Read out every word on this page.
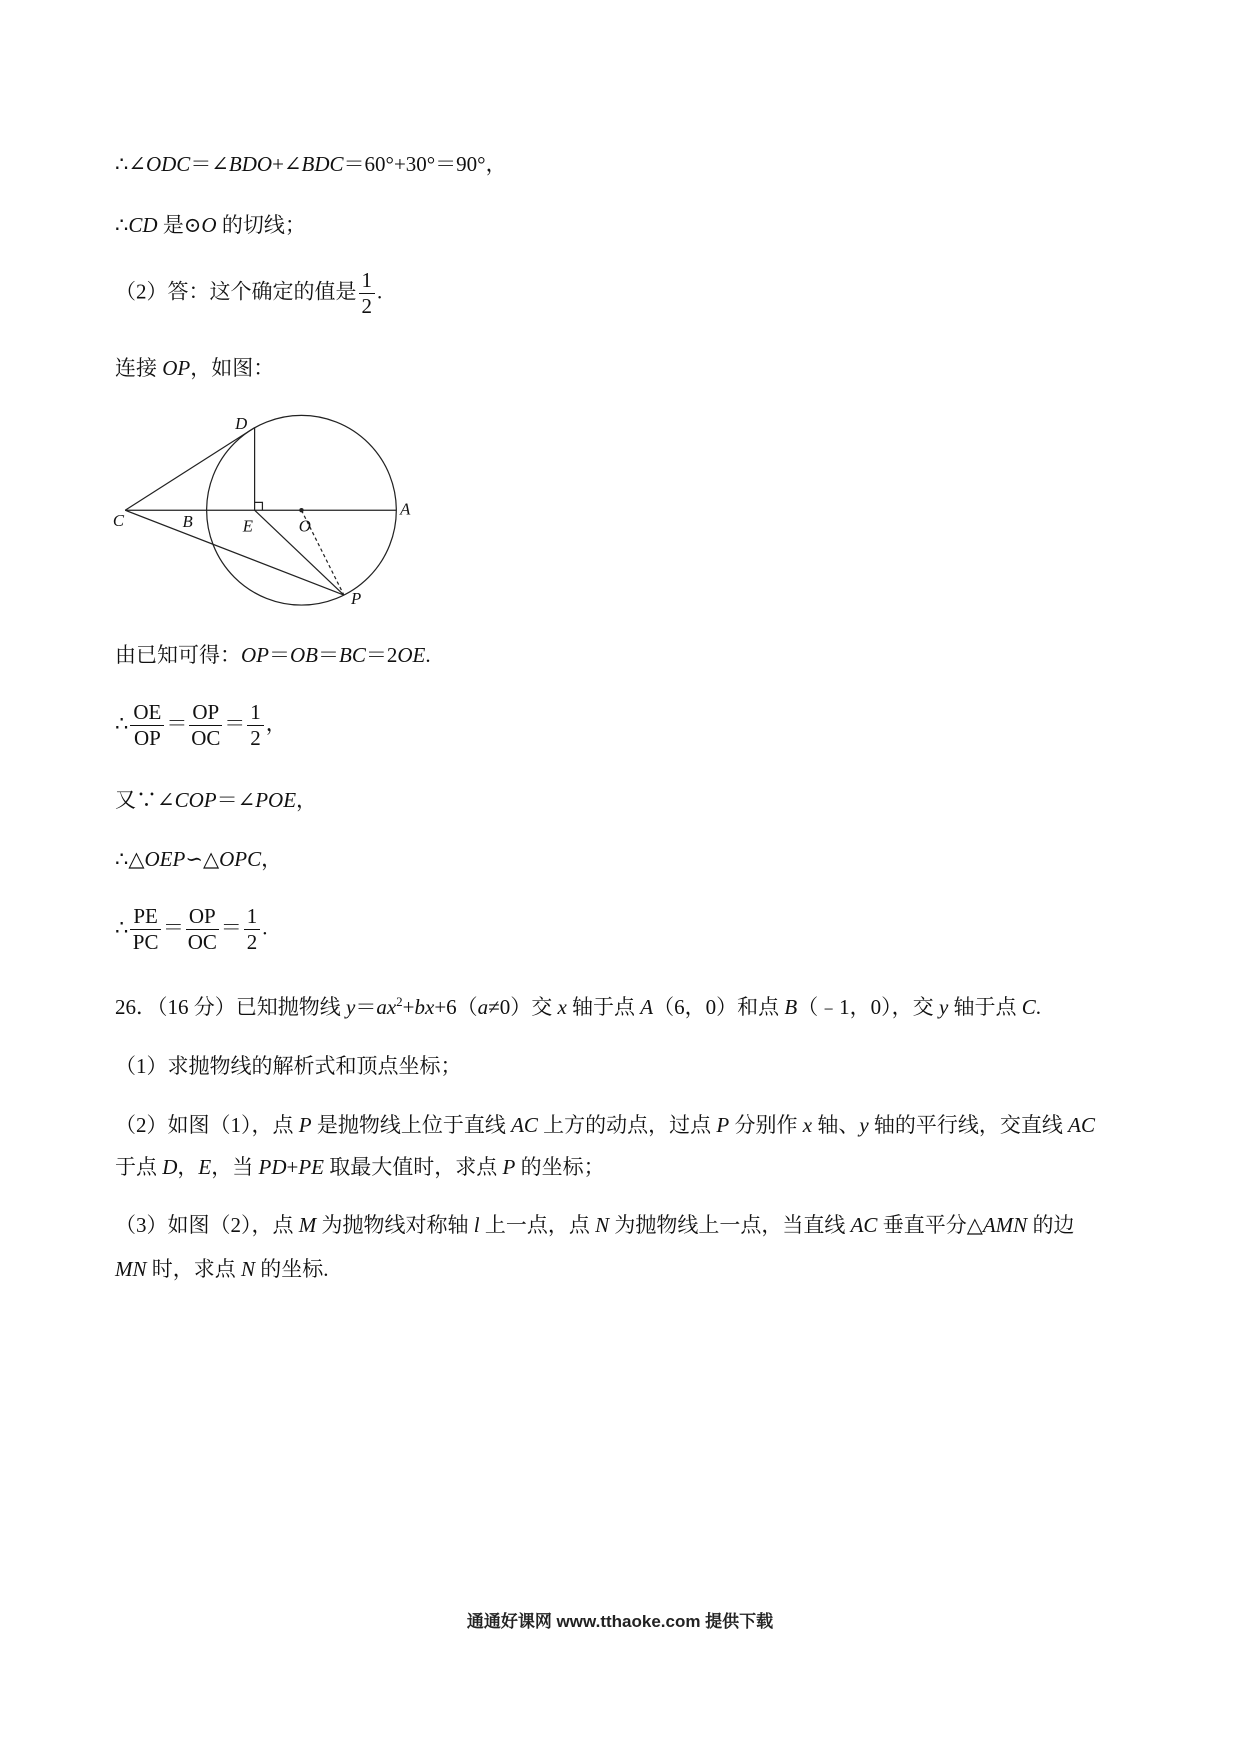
∴∠ODC＝∠BDO+∠BDC＝60°+30°＝90°，
∴CD 是⊙O 的切线；
（2）答：这个确定的值是 $\frac{1}{2}$ .
连接 OP，如图：
D
C	B	E	O
A
P
由已知可得：OP＝OB＝BC＝2OE.
∴ $\frac{OE}{OP} = \frac{OP}{OC} = \frac{1}{2}$ ，
又∵∠COP＝∠POE，
∴△OEP∽△OPC，
∴ $\frac{PE}{PC} = \frac{OP}{OC} = \frac{1}{2}$ .
26．（16 分）已知抛物线 $y=ax^2+bx+6(a\ne 0)$交 x 轴于点 A（6，0）和点 B（﹣1，0），交 y 轴于点 C.
（1）求抛物线的解析式和顶点坐标；
（2）如图（1），点 P 是抛物线上位于直线 AC 上方的动点，过点 P 分别作 x 轴、y 轴的平行线，交直线 AC
于点 D，E，当 PD+PE 取最大值时，求点 P 的坐标；
（3）如图（2），点 M 为抛物线对称轴 l 上一点，点 N 为抛物线上一点，当直线 AC 垂直平分△AMN 的边
MN 时，求点 N 的坐标.
通通好课网 www.tthaoke.com 提供下载
